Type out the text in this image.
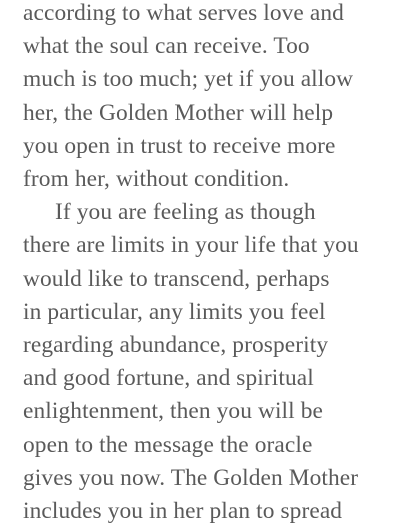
according to what serves love and
what the soul can receive. Too
much is too much; yet if you allow
her, the Golden Mother will help
you open in trust to receive more
from her, without condition.
If you are feeling as though
there are limits in your life that you
would like to transcend, perhaps
in particular, any limits you feel
regarding abundance, prosperity
and good fortune, and spiritual
enlightenment, then you will be
open to the message the oracle
gives you now. The Golden Mother
includes you in her plan to spread
